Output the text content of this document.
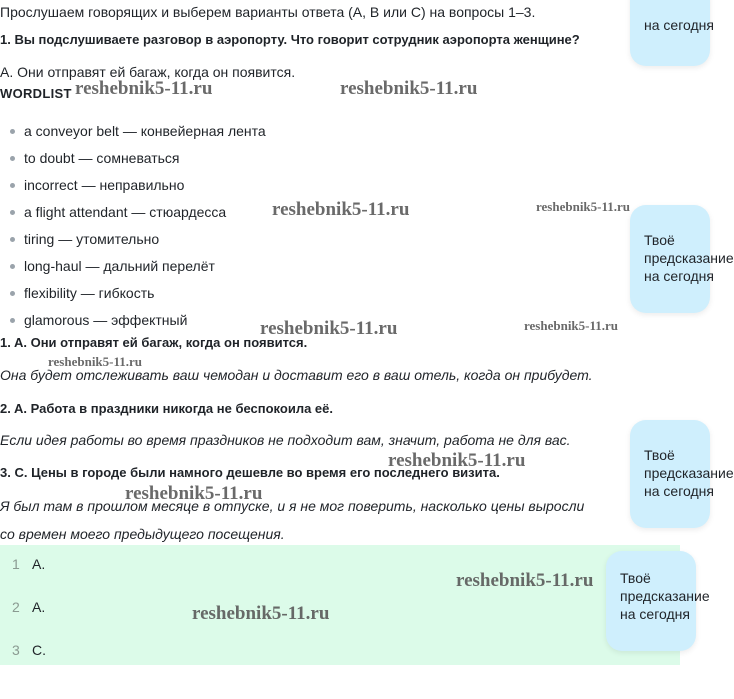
Прослушаем говорящих и выберем варианты ответа (A, B или C) на вопросы 1–3.
1. Вы подслушиваете разговор в аэропорту. Что говорит сотрудник аэропорта женщине?
A. Они отправят ей багаж, когда он появится.
WORDLIST
a conveyor belt — конвейерная лента
to doubt — сомневаться
incorrect — неправильно
a flight attendant — стюардесса
tiring — утомительно
long-haul — дальний перелёт
flexibility — гибкость
glamorous — эффектный
1. A. Они отправят ей багаж, когда он появится.
Она будет отслеживать ваш чемодан и доставит его в ваш отель, когда он прибудет.
2. A. Работа в праздники никогда не беспокоила её.
Если идея работы во время праздников не подходит вам, значит, работа не для вас.
3. C. Цены в городе были намного дешевле во время его последнего визита.
Я был там в прошлом месяце в отпуске, и я не мог поверить, насколько цены выросли
со времен моего предыдущего посещения.
1 A.
2 A.
3 C.
на сегодня
Твоё
предсказание
на сегодня
Твоё
предсказание
на сегодня
Твоё
предсказание
на сегодня
reshebnik5-11.ru	reshebnik5-11.ru
reshebnik5-11.ru	reshebnik5-11.ru
reshebnik5-11.ru	reshebnik5-11.ru
reshebnik5-11.ru
reshebnik5-11.ru
reshebnik5-11.ru
reshebnik5-11.ru
reshebnik5-11.ru
